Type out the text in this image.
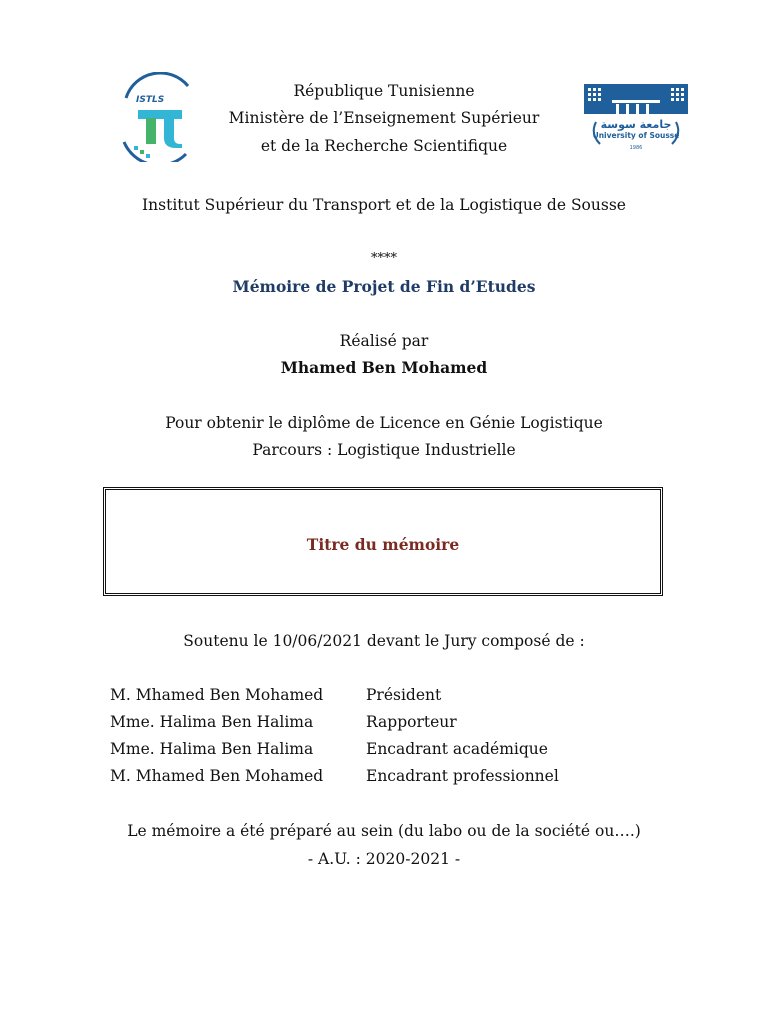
ISTLS
جامعة سوسة
University of Sousse
1986
République Tunisienne
Ministère de l’Enseignement Supérieur
et de la Recherche Scientifique
Institut Supérieur du Transport et de la Logistique de Sousse
****
Mémoire de Projet de Fin d’Etudes
Réalisé par
Mhamed Ben Mohamed
Pour obtenir le diplôme de Licence en Génie Logistique
Parcours : Logistique Industrielle
Titre du mémoire
Soutenu le 10/06/2021 devant le Jury composé de :
M. Mhamed Ben Mohamed	Président
Mme. Halima Ben Halima	Rapporteur
Mme. Halima Ben Halima	Encadrant académique
M. Mhamed Ben Mohamed	Encadrant professionnel
Le mémoire a été préparé au sein (du labo ou de la société ou….)
- A.U. : 2020-2021 -
